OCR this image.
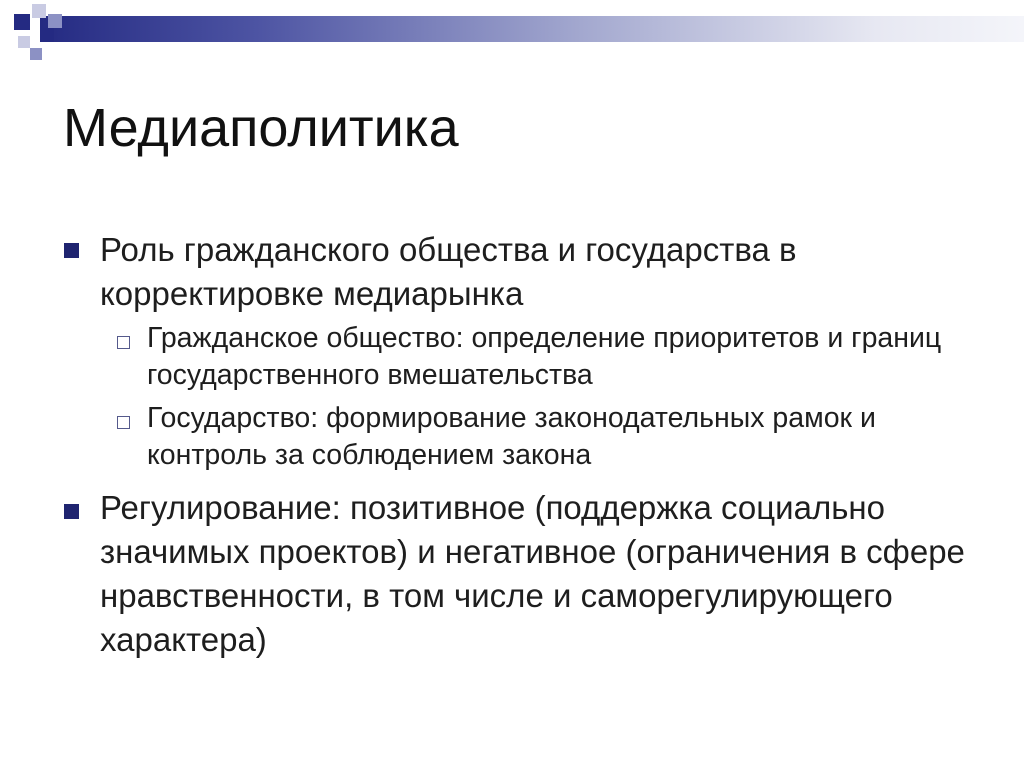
Медиаполитика
Роль гражданского общества и государства в корректировке медиарынка
Гражданское общество: определение приоритетов и границ государственного вмешательства
Государство: формирование законодательных рамок и контроль за соблюдением закона
Регулирование: позитивное (поддержка социально значимых проектов) и негативное (ограничения в сфере нравственности, в том числе и саморегулирующего характера)
